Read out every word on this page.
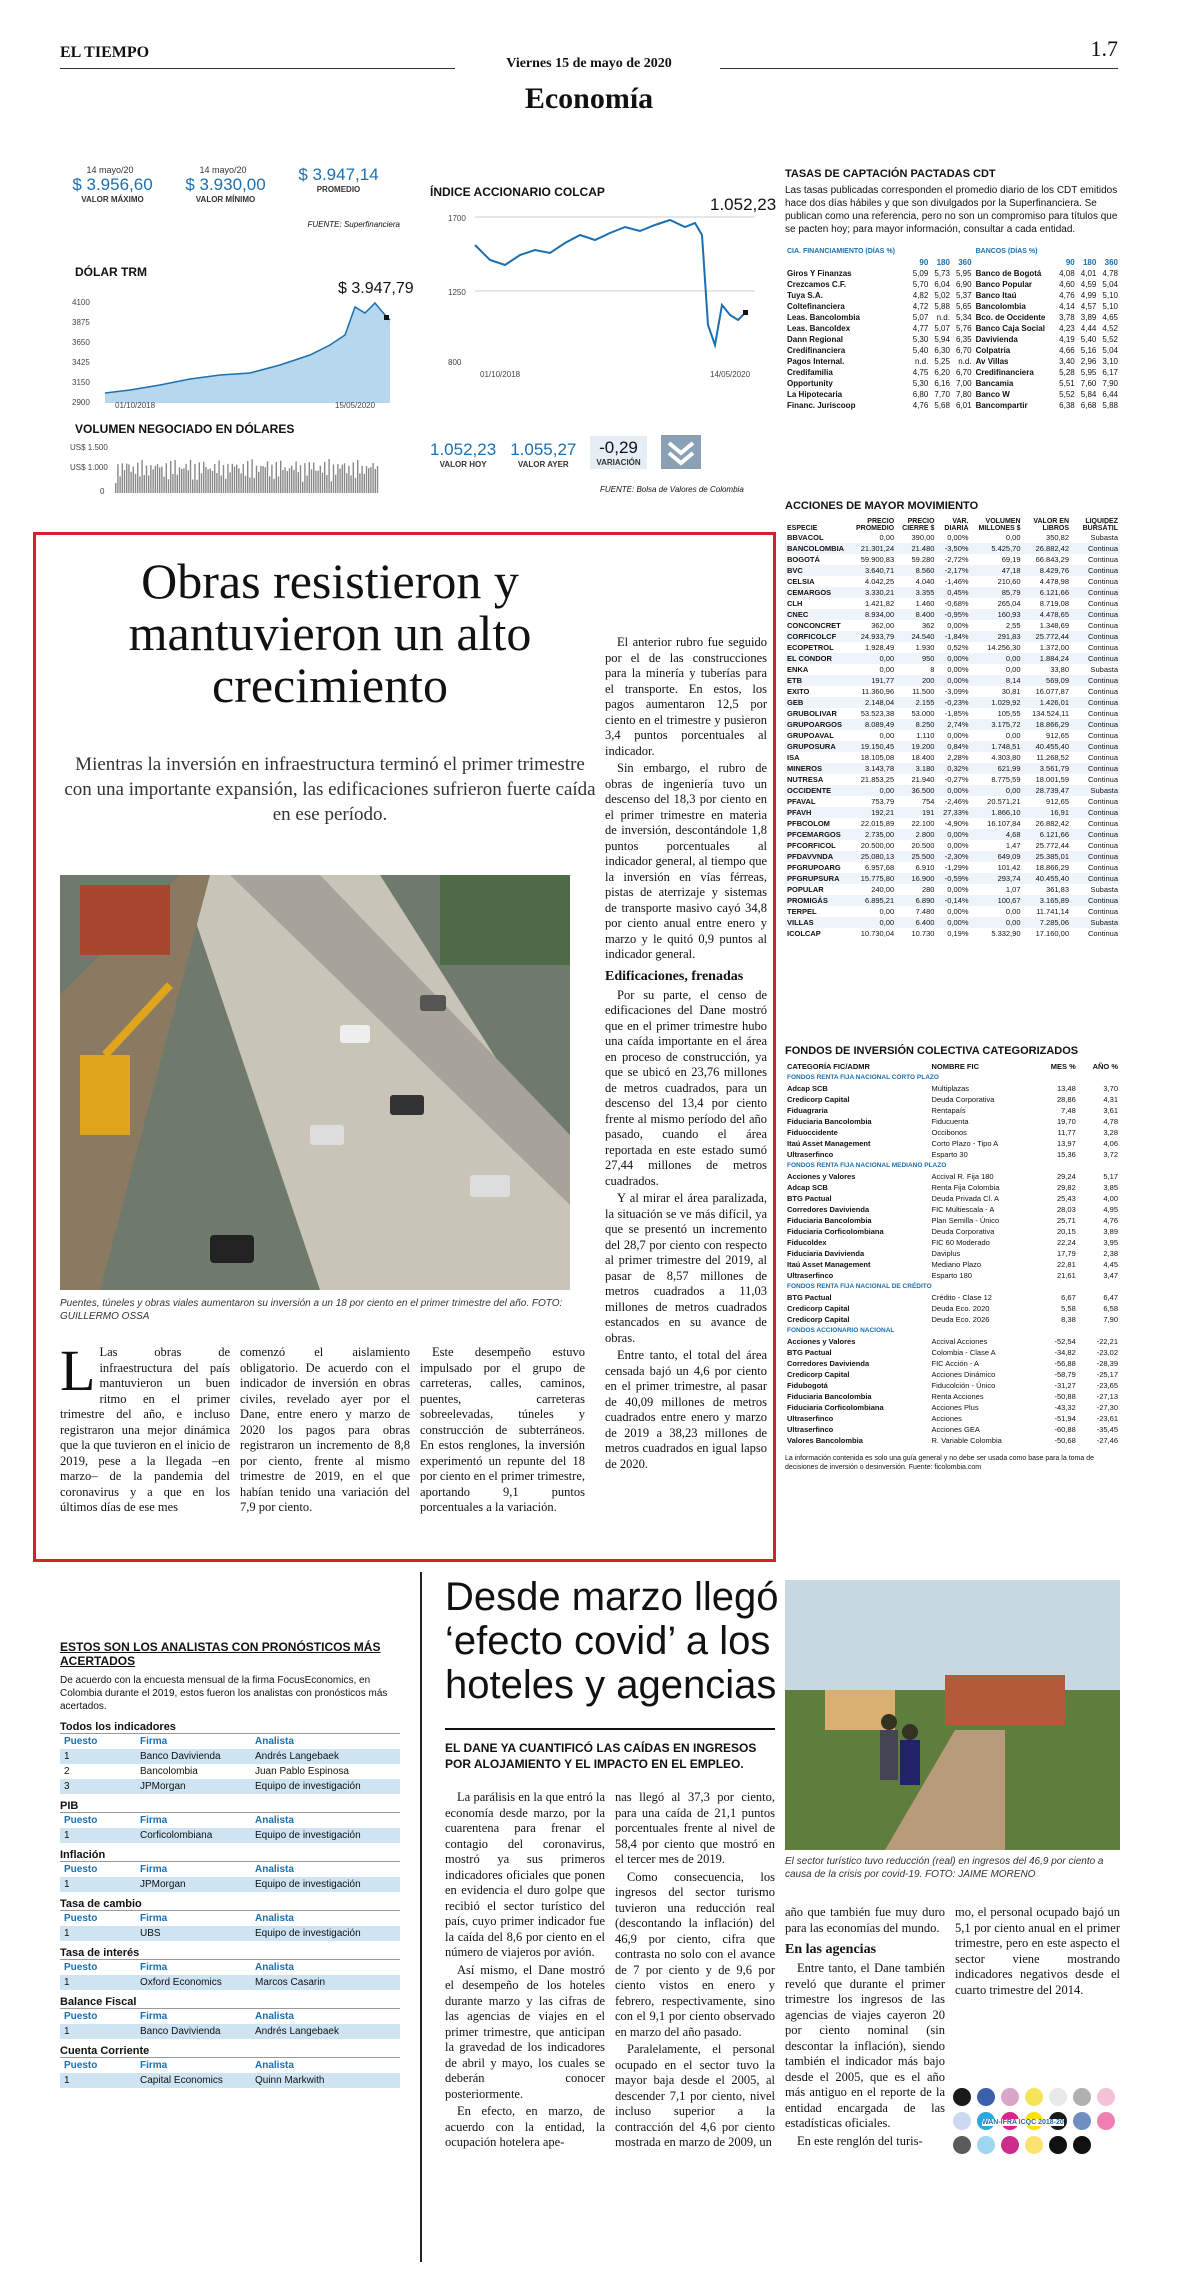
EL TIEMPO	1.7
Viernes 15 de mayo de 2020
Economía
14 mayo/20
$ 3.956,60
VALOR MÁXIMO
14 mayo/20
$ 3.930,00
VALOR MÍNIMO
$ 3.947,14
PROMEDIO
FUENTE: Superfinanciera
DÓLAR TRM
$ 3.947,79
4100
3875
3650
3425
3150
2900	01/10/2018	15/05/2020
VOLUMEN NEGOCIADO EN DÓLARES
US$ 1.500
US$ 1.000
0
ÍNDICE ACCIONARIO COLCAP
1.052,23
1700
1250
800
01/10/2018	14/05/2020
1.052,23
VALOR HOY
1.055,27
VALOR AYER
-0,29
VARIACIÓN
FUENTE: Bolsa de Valores de Colombia
TASAS DE CAPTACIÓN PACTADAS CDT
Las tasas publicadas corresponden el promedio diario de los CDT emitidos hace dos días hábiles y que son divulgados por la Superfinanciera. Se publican como una referencia, pero no son un compromiso para títulos que se pacten hoy; para mayor información, consultar a cada entidad.
CIA. FINANCIAMIENTO (DÍAS %)				BANCOS (DÍAS %)			
	90	180	360		90	180	360
Giros Y Finanzas	5,09	5,73	5,95	Banco de Bogotá	4,08	4,01	4,78
Crezcamos C.F.	5,70	6,04	6,90	Banco Popular	4,60	4,59	5,04
Tuya S.A.	4,82	5,02	5,37	Banco Itaú	4,76	4,99	5,10
Coltefinanciera	4,72	5,88	5,65	Bancolombia	4,14	4,57	5,10
Leas. Bancolombia	5,07	n.d.	5,34	Bco. de Occidente	3,78	3,89	4,65
Leas. Bancoldex	4,77	5,07	5,76	Banco Caja Social	4,23	4,44	4,52
Dann Regional	5,30	5,94	6,35	Davivienda	4,19	5,40	5,52
Credifinanciera	5,40	6,30	6,70	Colpatria	4,66	5,16	5,04
Pagos Internal.	n.d.	5,25	n.d.	Av Villas	3,40	2,96	3,10
Credifamilia	4,75	6,20	6,70	Credifinanciera	5,28	5,95	6,17
Opportunity	5,30	6,16	7,00	Bancamia	5,51	7,60	7,90
La Hipotecaria	6,80	7,70	7,80	Banco W	5,52	5,84	6,44
Financ. Juriscoop	4,76	5,68	6,01	Bancompartir	6,38	6,68	5,88
ACCIONES DE MAYOR MOVIMIENTO
ESPECIE	PRECIO PROMEDIO	PRECIO CIERRE $	VAR. DIARIA	VOLUMEN MILLONES $	VALOR EN LIBROS	LIQUIDEZ BURSÁTIL
BBVACOL	0,00	390,00	0,00%	0,00	350,82	Subasta
BANCOLOMBIA	21.301,24	21.480	-3,50%	5.425,70	26.882,42	Continua
BOGOTÁ	59.900,83	59.280	-2,72%	69,19	66.843,29	Continua
BVC	3.640,71	8.560	-2,17%	47,18	8.429,76	Continua
CELSIA	4.042,25	4.040	-1,46%	210,60	4.478,98	Continua
CEMARGOS	3.330,21	3.355	0,45%	85,79	6.121,66	Continua
CLH	1.421,82	1.460	-0,68%	265,04	8.719,08	Continua
CNEC	8.934,00	8.400	-0,95%	160,93	4.478,65	Continua
CONCONCRET	362,00	362	0,00%	2,55	1.348,69	Continua
CORFICOLCF	24.933,79	24.540	-1,84%	291,83	25.772,44	Continua
ECOPETROL	1.928,49	1.930	0,52%	14.256,30	1.372,00	Continua
EL CONDOR	0,00	950	0,00%	0,00	1.884,24	Continua
ENKA	0,00	8	0,00%	0,00	33,80	Subasta
ETB	191,77	200	0,00%	8,14	569,09	Continua
EXITO	11.360,96	11.500	-3,09%	30,81	16.077,87	Continua
GEB	2.148,04	2.155	-0,23%	1.029,92	1.426,01	Continua
GRUBOLIVAR	53.523,38	53.000	-1,85%	105,55	134.524,11	Continua
GRUPOARGOS	8.089,49	8.250	2,74%	3.175,72	18.866,29	Continua
GRUPOAVAL	0,00	1.110	0,00%	0,00	912,65	Continua
GRUPOSURA	19.150,45	19.200	0,84%	1.748,51	40.455,40	Continua
ISA	18.105,08	18.400	2,28%	4.303,80	11.268,52	Continua
MINEROS	3.143,78	3.180	0,32%	621,99	3.561,79	Continua
NUTRESA	21.853,25	21.940	-0,27%	8.775,59	18.001,59	Continua
OCCIDENTE	0,00	36.500	0,00%	0,00	28.739,47	Subasta
PFAVAL	753,79	754	-2,46%	20.571,21	912,65	Continua
PFAVH	192,21	191	27,33%	1.866,10	16,91	Continua
PFBCOLOM	22.015,89	22.100	-4,90%	16.107,84	26.882,42	Continua
PFCEMARGOS	2.735,00	2.800	0,00%	4,68	6.121,66	Continua
PFCORFICOL	20.500,00	20.500	0,00%	1,47	25.772,44	Continua
PFDAVVNDA	25.080,13	25.500	-2,30%	649,09	25.385,01	Continua
PFGRUPOARG	6.957,68	6.910	-1,29%	101,42	18.866,29	Continua
PFGRUPSURA	15.775,80	16.900	-0,59%	293,74	40.455,40	Continua
POPULAR	240,00	280	0,00%	1,07	361,83	Subasta
PROMIGÁS	6.895,21	6.890	-0,14%	100,67	3.165,89	Continua
TERPEL	0,00	7.480	0,00%	0,00	11.741,14	Continua
VILLAS	0,00	6.400	0,00%	0,00	7.285,06	Subasta
ICOLCAP	10.730,04	10.730	0,19%	5.332,90	17.160,00	Continua
FONDOS DE INVERSIÓN COLECTIVA CATEGORIZADOS
CATEGORÍA FIC/ADMR	NOMBRE FIC	MES %	AÑO %
FONDOS RENTA FIJA NACIONAL CORTO PLAZO			
Adcap SCB	Multiplazas	13,48	3,70
Credicorp Capital	Deuda Corporativa	28,86	4,31
Fiduagraria	Rentapaís	7,48	3,61
Fiduciaria Bancolombia	Fiducuenta	19,70	4,78
Fiduoccidente	Occibonos	11,77	3,28
Itaú Asset Management	Corto Plazo - Tipo A	13,97	4,06
Ultraserfinco	Esparto 30	15,36	3,72
FONDOS RENTA FIJA NACIONAL MEDIANO PLAZO			
Acciones y Valores	Accival R. Fija 180	29,24	5,17
Adcap SCB	Renta Fija Colombia	29,82	3,85
BTG Pactual	Deuda Privada Cl. A	25,43	4,00
Corredores Davivienda	FIC Multiescala - A	28,03	4,95
Fiduciaria Bancolombia	Plan Semilla - Único	25,71	4,76
Fiduciaria Corficolombiana	Deuda Corporativa	20,15	3,89
Fiducoldex	FIC 60 Moderado	22,24	3,95
Fiduciaria Davivienda	Daviplus	17,79	2,38
Itaú Asset Management	Mediano Plazo	22,81	4,45
Ultraserfinco	Esparto 180	21,61	3,47
FONDOS RENTA FIJA NACIONAL DE CRÉDITO			
BTG Pactual	Crédito - Clase 12	6,67	6,47
Credicorp Capital	Deuda Eco. 2020	5,58	6,58
Credicorp Capital	Deuda Eco. 2026	8,38	7,90
FONDOS ACCIONARIO NACIONAL			
Acciones y Valores	Accival Acciones	-52,54	-22,21
BTG Pactual	Colombia - Clase A	-34,82	-23,02
Corredores Davivienda	FIC Acción - A	-56,88	-28,39
Credicorp Capital	Acciones Dinámico	-58,79	-25,17
Fidubogotá	Fiducolción - Único	-31,27	-23,65
Fiduciaria Bancolombia	Renta Acciones	-50,88	-27,13
Fiduciaria Corficolombiana	Acciones Plus	-43,32	-27,30
Ultraserfinco	Acciones	-51,94	-23,61
Ultraserfinco	Acciones GEA	-60,88	-35,45
Valores Bancolombia	R. Variable Colombia	-50,68	-27,46
La información contenida es solo una guía general y no debe ser usada como base para la toma de decisiones de inversión o desinversión. Fuente: ficolombia.com
Obras resistieron y mantuvieron un alto crecimiento
Mientras la inversión en infraestructura terminó el primer trimestre con una importante expansión, las edificaciones sufrieron fuerte caída en ese período.
Puentes, túneles y obras viales aumentaron su inversión a un 18 por ciento en el primer trimestre del año. FOTO: GUILLERMO OSSA

L Las obras de infraestructura del país mantuvieron un buen ritmo en el primer trimestre del año, e incluso registraron una mejor dinámica que la que tuvieron en el inicio de 2019, pese a la llegada –en marzo– de la pandemia del coronavirus y a que en los últimos días de ese mes

comenzó el aislamiento obligatorio. De acuerdo con el indicador de inversión en obras civiles, revelado ayer por el Dane, entre enero y marzo de 2020 los pagos para obras registraron un incremento de 8,8 por ciento, frente al mismo trimestre de 2019, en el que habían tenido una variación del 7,9 por ciento.

Este desempeño estuvo impulsado por el grupo de carreteras, calles, caminos, puentes, carreteras sobreelevadas, túneles y construcción de subterráneos. En estos renglones, la inversión experimentó un repunte del 18 por ciento en el primer trimestre, aportando 9,1 puntos porcentuales a la variación.

El anterior rubro fue seguido por el de las construcciones para la minería y tuberías para el transporte. En estos, los pagos aumentaron 12,5 por ciento en el trimestre y pusieron 3,4 puntos porcentuales al indicador.

Sin embargo, el rubro de obras de ingeniería tuvo un descenso del 18,3 por ciento en el primer trimestre en materia de inversión, descontándole 1,8 puntos porcentuales al indicador general, al tiempo que la inversión en vías férreas, pistas de aterrizaje y sistemas de transporte masivo cayó 34,8 por ciento anual entre enero y marzo y le quitó 0,9 puntos al indicador general.

Edificaciones, frenadas

Por su parte, el censo de edificaciones del Dane mostró que en el primer trimestre hubo una caída importante en el área en proceso de construcción, ya que se ubicó en 23,76 millones de metros cuadrados, para un descenso del 13,4 por ciento frente al mismo período del año pasado, cuando el área reportada en este estado sumó 27,44 millones de metros cuadrados.

Y al mirar el área paralizada, la situación se ve más difícil, ya que se presentó un incremento del 28,7 por ciento con respecto al primer trimestre del 2019, al pasar de 8,57 millones de metros cuadrados a 11,03 millones de metros cuadrados estancados en su avance de obras.

Entre tanto, el total del área censada bajó un 4,6 por ciento en el primer trimestre, al pasar de 40,09 millones de metros cuadrados entre enero y marzo de 2019 a 38,23 millones de metros cuadrados en igual lapso de 2020.

ESTOS SON LOS ANALISTAS CON PRONÓSTICOS MÁS ACERTADOS
De acuerdo con la encuesta mensual de la firma FocusEconomics, en Colombia durante el 2019, estos fueron los analistas con pronósticos más acertados.
Todos los indicadores
Puesto	Firma	Analista
1	Banco Davivienda	Andrés Langebaek
2	Bancolombia	Juan Pablo Espinosa
3	JPMorgan	Equipo de investigación
PIB
Puesto	Firma	Analista
1	Corficolombiana	Equipo de investigación
Inflación
Puesto	Firma	Analista
1	JPMorgan	Equipo de investigación
Tasa de cambio
Puesto	Firma	Analista
1	UBS	Equipo de investigación
Tasa de interés
Puesto	Firma	Analista
1	Oxford Economics	Marcos Casarin
Balance Fiscal
Puesto	Firma	Analista
1	Banco Davivienda	Andrés Langebaek
Cuenta Corriente
Puesto	Firma	Analista
1	Capital Economics	Quinn Markwith
Desde marzo llegó ‘efecto covid’ a los hoteles y agencias
EL DANE YA CUANTIFICÓ LAS CAÍDAS EN INGRESOS POR ALOJAMIENTO Y EL IMPACTO EN EL EMPLEO.

La parálisis en la que entró la economía desde marzo, por la cuarentena para frenar el contagio del coronavirus, mostró ya sus primeros indicadores oficiales que ponen en evidencia el duro golpe que recibió el sector turístico del país, cuyo primer indicador fue la caída del 8,6 por ciento en el número de viajeros por avión.

Así mismo, el Dane mostró el desempeño de los hoteles durante marzo y las cifras de las agencias de viajes en el primer trimestre, que anticipan la gravedad de los indicadores de abril y mayo, los cuales se deberán conocer posteriormente.

En efecto, en marzo, de acuerdo con la entidad, la ocupación hotelera ape-

nas llegó al 37,3 por ciento, para una caída de 21,1 puntos porcentuales frente al nivel de 58,4 por ciento que mostró en el tercer mes de 2019.

Como consecuencia, los ingresos del sector turismo tuvieron una reducción real (descontando la inflación) del 46,9 por ciento, cifra que contrasta no solo con el avance de 7 por ciento y de 9,6 por ciento vistos en enero y febrero, respectivamente, sino con el 9,1 por ciento observado en marzo del año pasado.

Paralelamente, el personal ocupado en el sector tuvo la mayor baja desde el 2005, al descender 7,1 por ciento, nivel incluso superior a la contracción del 4,6 por ciento mostrada en marzo de 2009, un

El sector turístico tuvo reducción (real) en ingresos del 46,9 por ciento a causa de la crisis por covid-19. FOTO: JAIME MORENO

año que también fue muy duro para las economías del mundo.

En las agencias

Entre tanto, el Dane también reveló que durante el primer trimestre los ingresos de las agencias de viajes cayeron 20 por ciento nominal (sin descontar la inflación), siendo también el indicador más bajo desde el 2005, que es el año más antiguo en el reporte de la entidad encargada de las estadísticas oficiales.

En este renglón del turis-

mo, el personal ocupado bajó un 5,1 por ciento anual en el primer trimestre, pero en este aspecto el sector viene mostrando indicadores negativos desde el cuarto trimestre del 2014.

WAN-IFRA ICQC 2018-20
